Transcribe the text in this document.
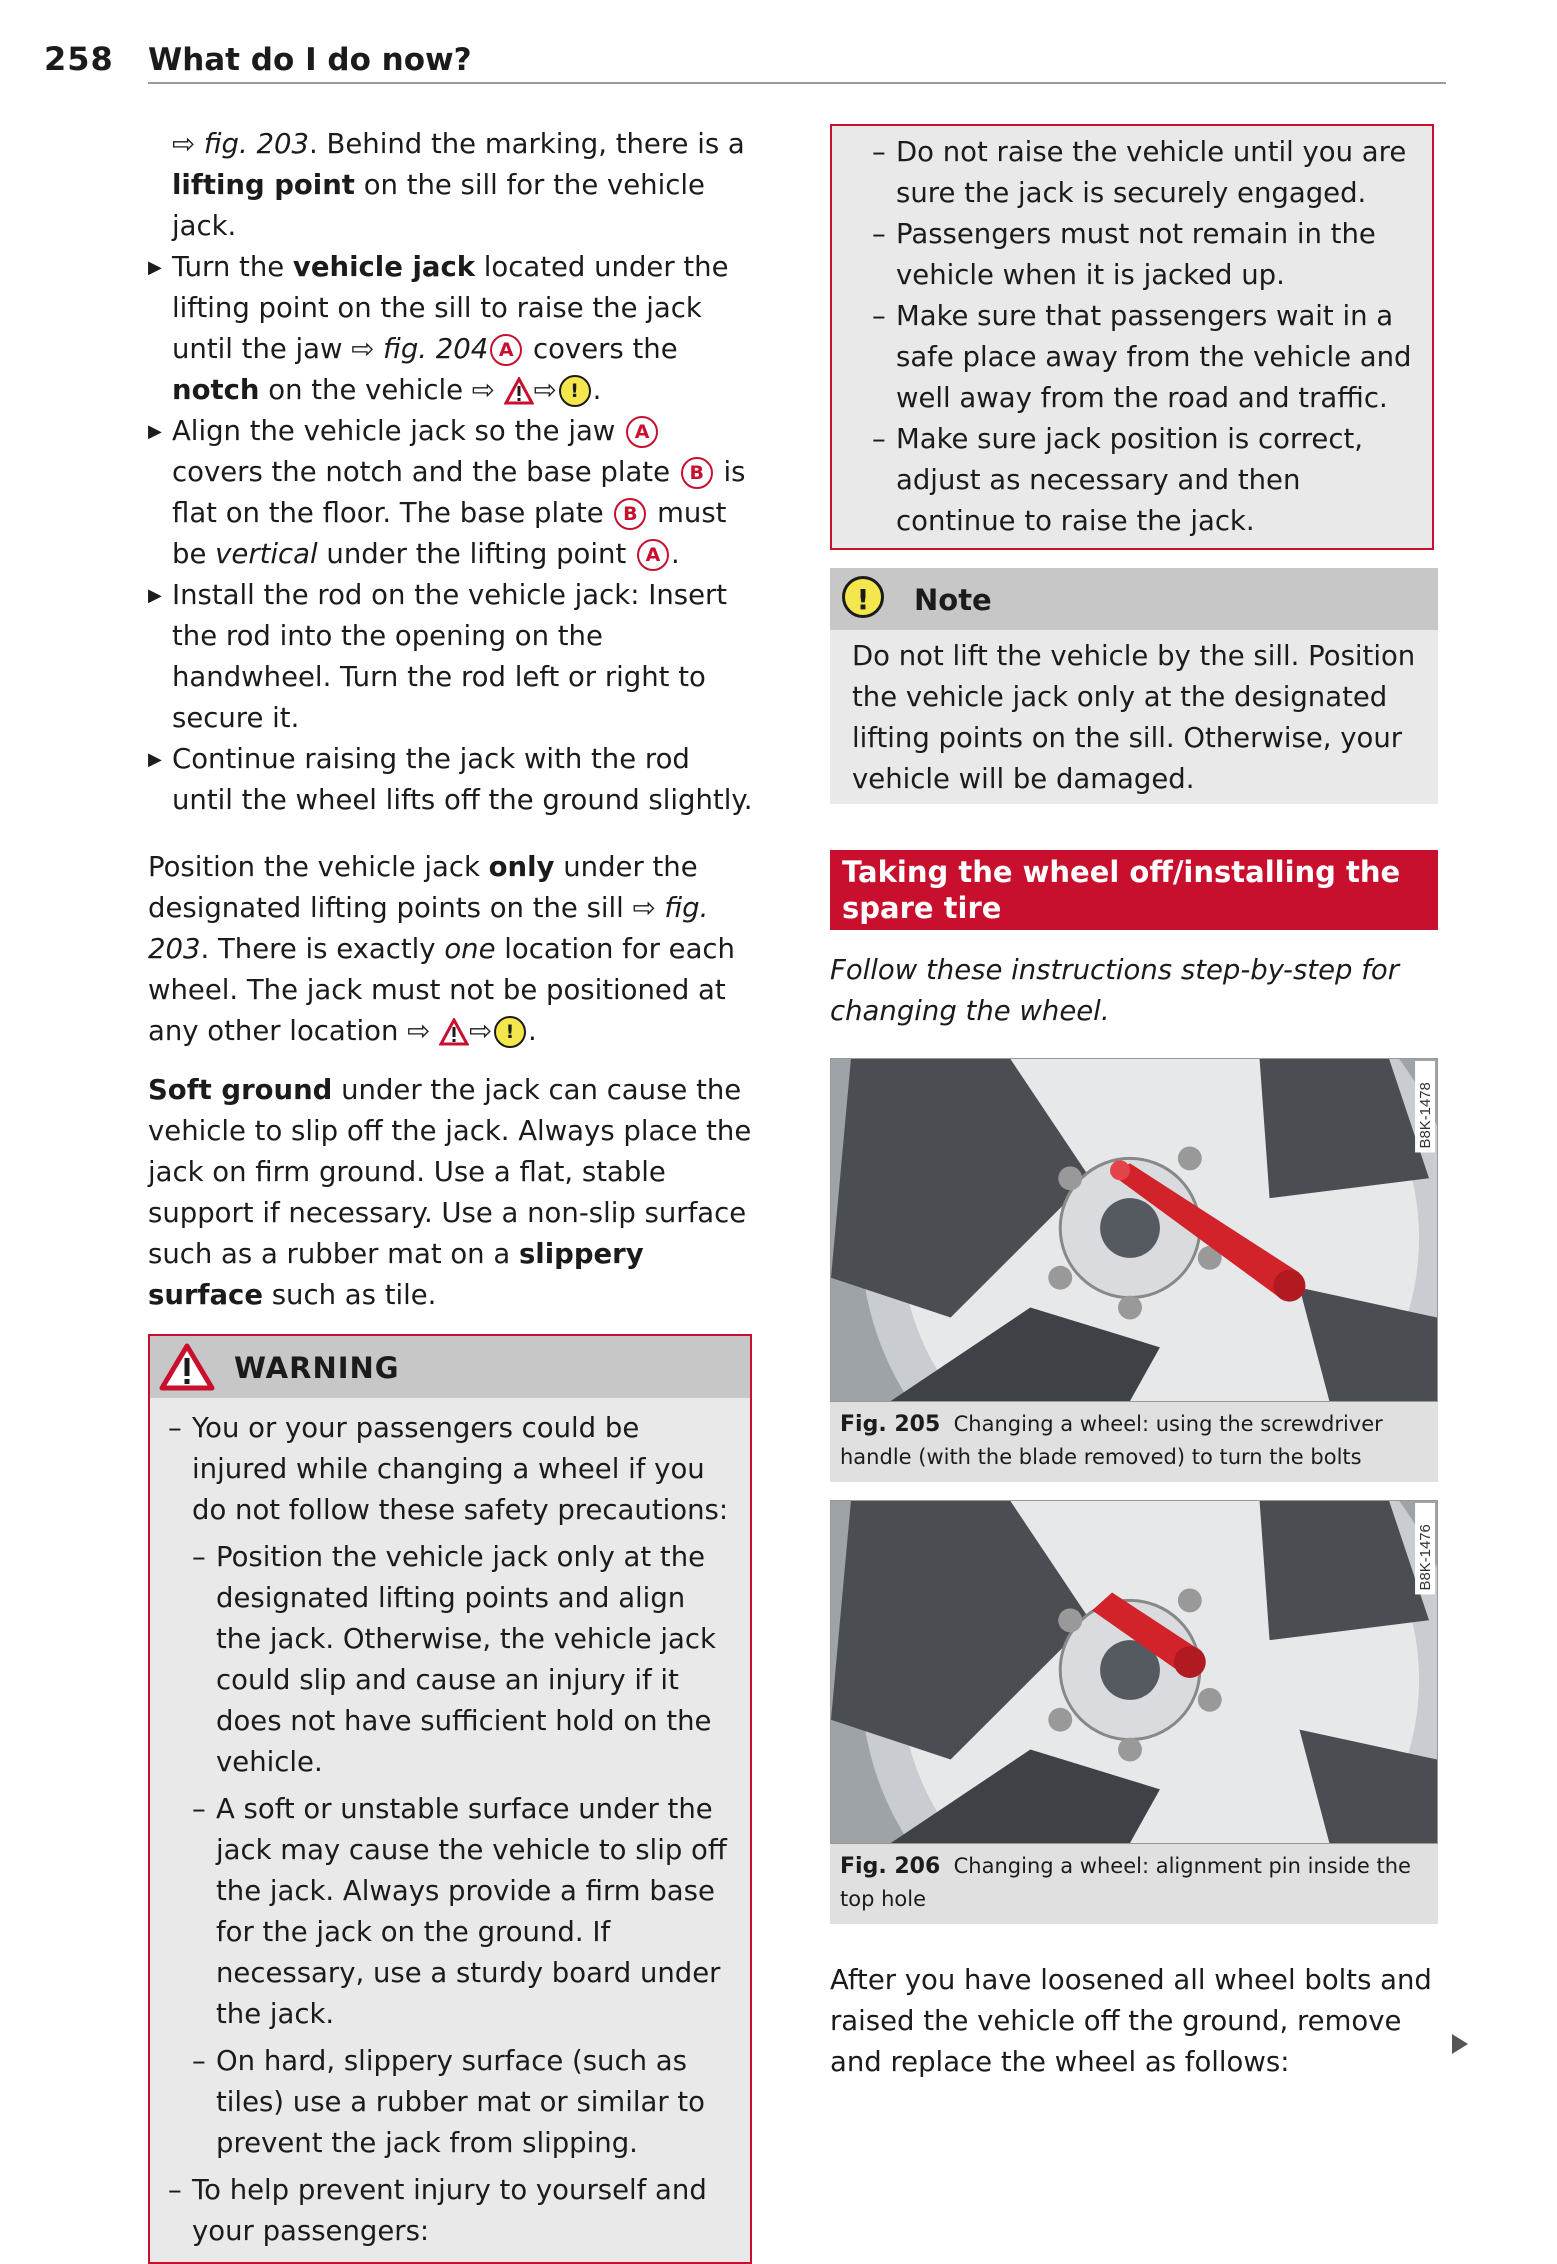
258 What do I do now?

⇨ fig. 203. Behind the marking, there is a lifting point on the sill for the vehicle jack.

▶ Turn the vehicle jack located under the lifting point on the sill to raise the jack until the jaw ⇨ fig. 204 A covers the notch on the vehicle ⇨ ⇨ ! .

▶ Align the vehicle jack so the jaw A covers the notch and the base plate B is flat on the floor. The base plate B must be vertical under the lifting point A .

▶ Install the rod on the vehicle jack: Insert the rod into the opening on the handwheel. Turn the rod left or right to secure it.

▶ Continue raising the jack with the rod until the wheel lifts off the ground slightly.

Position the vehicle jack only under the designated lifting points on the sill ⇨ fig. 203. There is exactly one location for each wheel. The jack must not be positioned at any other location ⇨ ⇨ ! .

Soft ground under the jack can cause the vehicle to slip off the jack. Always place the jack on firm ground. Use a flat, stable support if necessary. Use a non-slip surface such as a rubber mat on a slippery surface such as tile.

WARNING

– You or your passengers could be injured while changing a wheel if you do not follow these safety precautions:

– Position the vehicle jack only at the designated lifting points and align the jack. Otherwise, the vehicle jack could slip and cause an injury if it does not have sufficient hold on the vehicle.

– A soft or unstable surface under the jack may cause the vehicle to slip off the jack. Always provide a firm base for the jack on the ground. If necessary, use a sturdy board under the jack.

– On hard, slippery surface (such as tiles) use a rubber mat or similar to prevent the jack from slipping.

– To help prevent injury to yourself and your passengers:

– Do not raise the vehicle until you are sure the jack is securely engaged.

– Passengers must not remain in the vehicle when it is jacked up.

– Make sure that passengers wait in a safe place away from the vehicle and well away from the road and traffic.

– Make sure jack position is correct, adjust as necessary and then continue to raise the jack.

!	Note
Do not lift the vehicle by the sill. Position the vehicle jack only at the designated lifting points on the sill. Otherwise, your vehicle will be damaged.
Taking the wheel off/installing the spare tire

Follow these instructions step-by-step for changing the wheel.

B8K-1478
Fig. 205 Changing a wheel: using the screwdriver handle (with the blade removed) to turn the bolts
B8K-1476
Fig. 206 Changing a wheel: alignment pin inside the top hole

After you have loosened all wheel bolts and raised the vehicle off the ground, remove and replace the wheel as follows:
